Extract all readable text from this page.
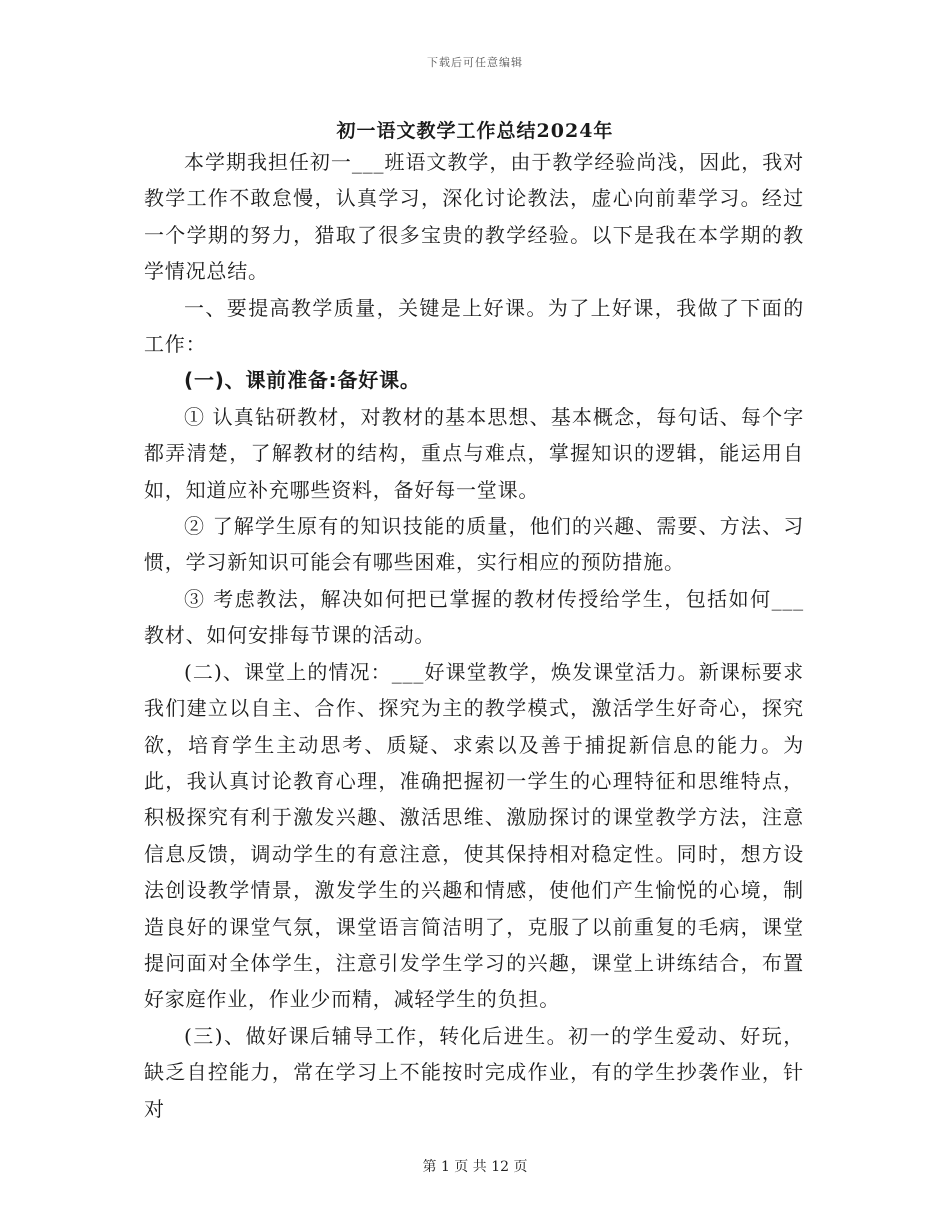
下载后可任意编辑
初一语文教学工作总结2024年

本学期我担任初一___班语文教学，由于教学经验尚浅，因此，我对教学工作不敢怠慢，认真学习，深化讨论教法，虚心向前辈学习。经过一个学期的努力，猎取了很多宝贵的教学经验。以下是我在本学期的教学情况总结。

一、要提高教学质量，关键是上好课。为了上好课，我做了下面的工作：

(一)、课前准备:备好课。

① 认真钻研教材，对教材的基本思想、基本概念，每句话、每个字都弄清楚，了解教材的结构，重点与难点，掌握知识的逻辑，能运用自如，知道应补充哪些资料，备好每一堂课。

② 了解学生原有的知识技能的质量，他们的兴趣、需要、方法、习惯，学习新知识可能会有哪些困难，实行相应的预防措施。

③ 考虑教法，解决如何把已掌握的教材传授给学生，包括如何___教材、如何安排每节课的活动。

(二)、课堂上的情况：___好课堂教学，焕发课堂活力。新课标要求我们建立以自主、合作、探究为主的教学模式，激活学生好奇心，探究欲，培育学生主动思考、质疑、求索以及善于捕捉新信息的能力。为此，我认真讨论教育心理，准确把握初一学生的心理特征和思维特点，积极探究有利于激发兴趣、激活思维、激励探讨的课堂教学方法，注意信息反馈，调动学生的有意注意，使其保持相对稳定性。同时，想方设法创设教学情景，激发学生的兴趣和情感，使他们产生愉悦的心境，制造良好的课堂气氛，课堂语言简洁明了，克服了以前重复的毛病，课堂提问面对全体学生，注意引发学生学习的兴趣，课堂上讲练结合，布置好家庭作业，作业少而精，减轻学生的负担。

(三)、做好课后辅导工作，转化后进生。初一的学生爱动、好玩，缺乏自控能力，常在学习上不能按时完成作业，有的学生抄袭作业，针对

第 1 页 共 12 页
